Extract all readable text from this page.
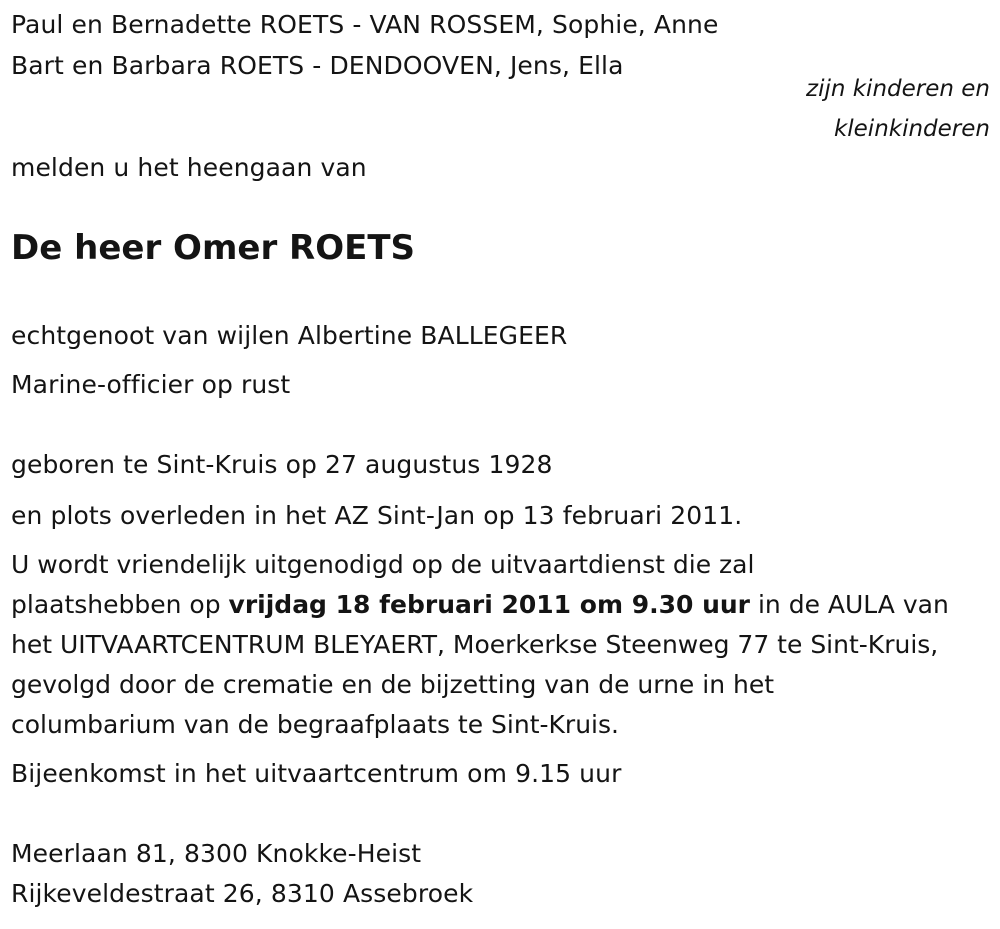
Paul en Bernadette ROETS - VAN ROSSEM, Sophie, Anne
Bart en Barbara ROETS - DENDOOVEN, Jens, Ella
zijn kinderen en
kleinkinderen
melden u het heengaan van
De heer Omer ROETS
echtgenoot van wijlen Albertine BALLEGEER
Marine-officier op rust
geboren te Sint-Kruis op 27 augustus 1928
en plots overleden in het AZ Sint-Jan op 13 februari 2011.
U wordt vriendelijk uitgenodigd op de uitvaartdienst die zal
plaatshebben op vrijdag 18 februari 2011 om 9.30 uur in de AULA van
het UITVAARTCENTRUM BLEYAERT, Moerkerkse Steenweg 77 te Sint-Kruis,
gevolgd door de crematie en de bijzetting van de urne in het
columbarium van de begraafplaats te Sint-Kruis.
Bijeenkomst in het uitvaartcentrum om 9.15 uur
Meerlaan 81, 8300 Knokke-Heist
Rijkeveldestraat 26, 8310 Assebroek
